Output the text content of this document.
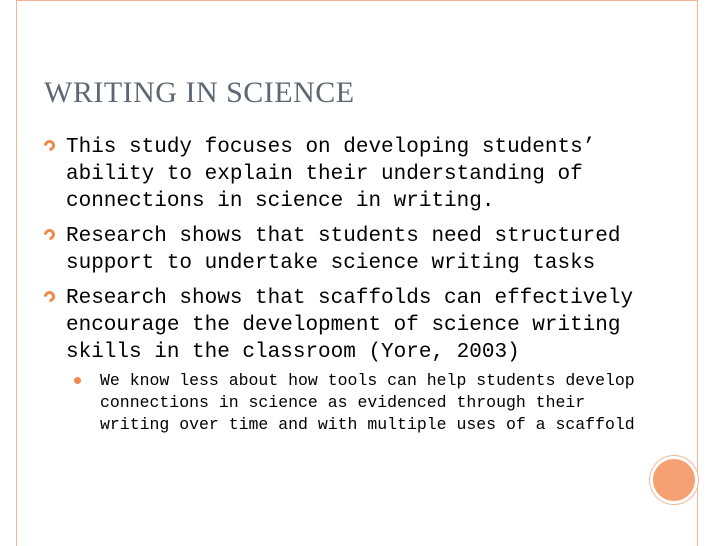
WRITING IN SCIENCE
This study focuses on developing students’ ability to explain their understanding of connections in science in writing.
Research shows that students need structured support to undertake science writing tasks
Research shows that scaffolds can effectively encourage the development of science writing skills in the classroom (Yore, 2003)
We know less about how tools can help students develop connections in science as evidenced through their writing over time and with multiple uses of a scaffold
